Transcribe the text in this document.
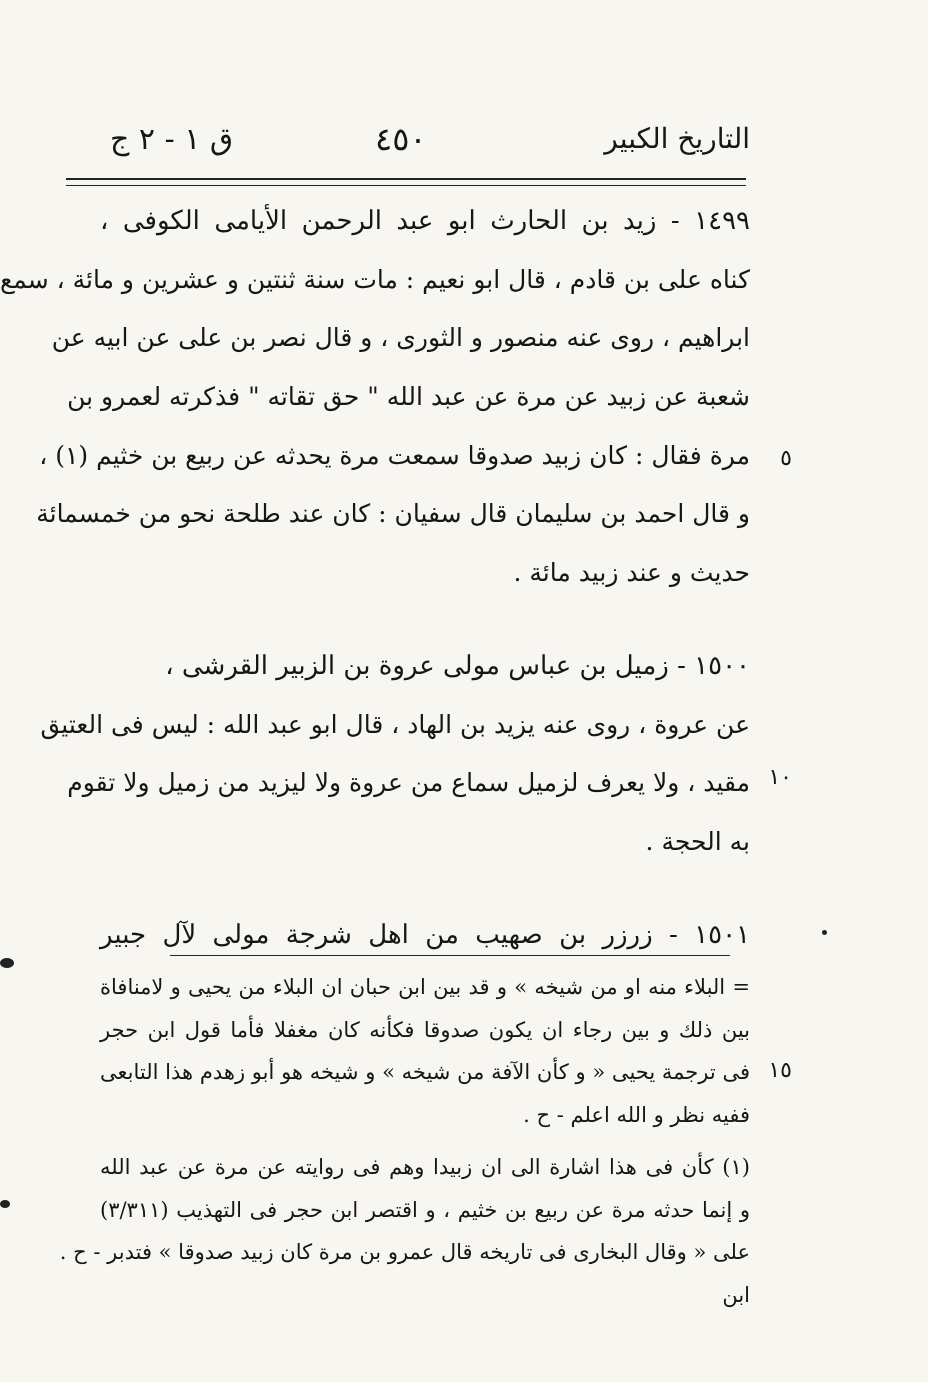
ق ١ - ٢ ج	٤٥٠	التاريخ الكبير
١٤٩٩ - زيد بن الحارث ابو عبد الرحمن الأيامى الكوفى ،
كناه على بن قادم ، قال ابو نعيم : مات سنة ثنتين و عشرين و مائة ، سمع
ابراهيم ، روى عنه منصور و الثورى ، و قال نصر بن على عن ابيه عن
شعبة عن زبيد عن مرة عن عبد الله " حق تقاته " فذكرته لعمرو بن
مرة فقال : كان زبيد صدوقا سمعت مرة يحدثه عن ربيع بن خثيم (١) ،
و قال احمد بن سليمان قال سفيان : كان عند طلحة نحو من خمسمائة
حديث و عند زبيد مائة .
١٥٠٠ - زميل بن عباس مولى عروة بن الزبير القرشى ،
عن عروة ، روى عنه يزيد بن الهاد ، قال ابو عبد الله : ليس فى العتيق
مقيد ، ولا يعرف لزميل سماع من عروة ولا ليزيد من زميل ولا تقوم
به الحجة .
١٥٠١ - زرزر بن صهيب من اهل شرجة مولى لآل جبير
٥
١٠
١٥
= البلاء منه او من شيخه » و قد بين ابن حبان ان البلاء من يحيى و لامنافاة
بين ذلك و بين رجاء ان يكون صدوقا فكأنه كان مغفلا فأما قول ابن حجر
فى ترجمة يحيى « و كأن الآفة من شيخه » و شيخه هو أبو زهدم هذا التابعى
ففيه نظر و الله اعلم - ح .
(١) كأن فى هذا اشارة الى ان زبيدا وهم فى روايته عن مرة عن عبد الله
و إنما حدثه مرة عن ربيع بن خثيم ، و اقتصر ابن حجر فى التهذيب (٣/٣١١)
على « وقال البخارى فى تاريخه قال عمرو بن مرة كان زبيد صدوقا » فتدبر - ح .
ابن
